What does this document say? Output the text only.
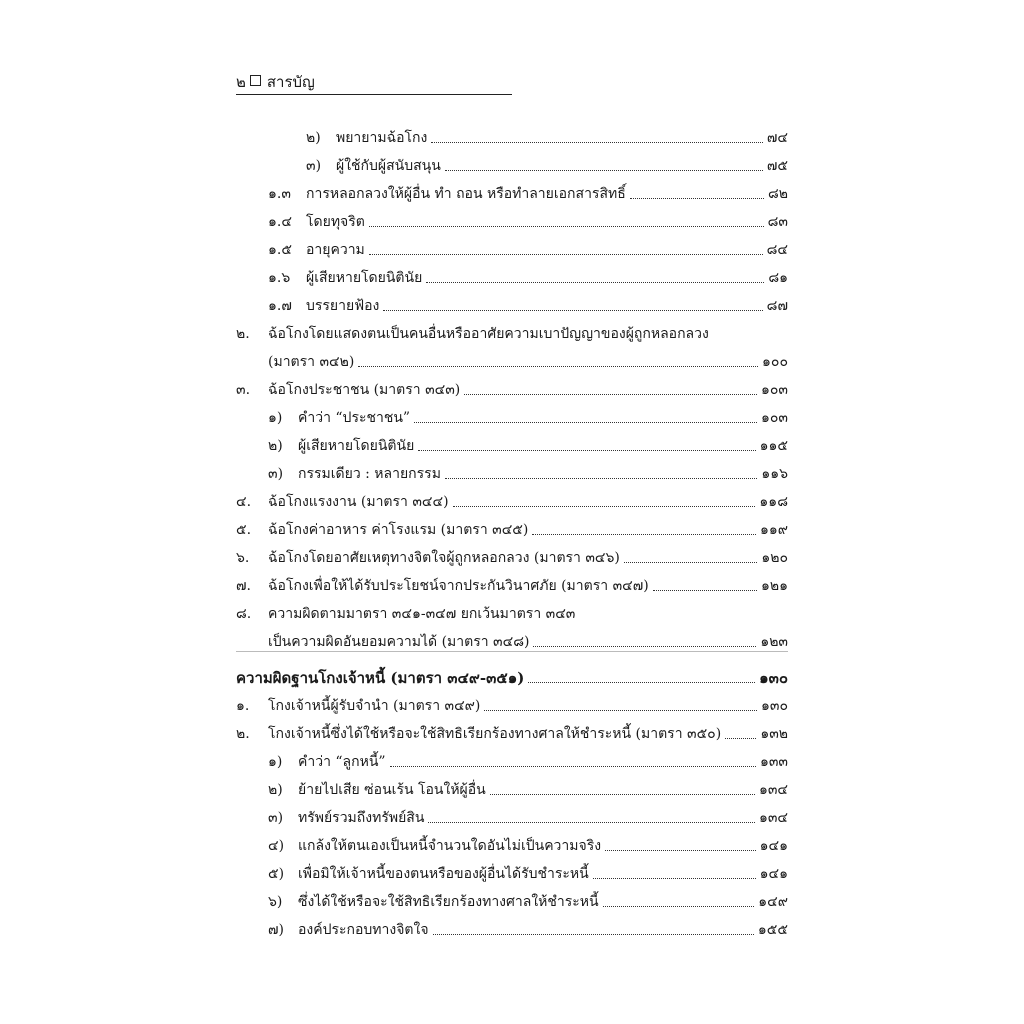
๒ สารบัญ
๒)	พยายามฉ้อโกง	๗๔
๓)	ผู้ใช้กับผู้สนับสนุน	๗๕
๑.๓	การหลอกลวงให้ผู้อื่น ทำ ถอน หรือทำลายเอกสารสิทธิ์	๘๒
๑.๔	โดยทุจริต	๘๓
๑.๕	อายุความ	๘๔
๑.๖	ผู้เสียหายโดยนิตินัย	๘๑
๑.๗	บรรยายฟ้อง	๘๗
๒.	ฉ้อโกงโดยแสดงตนเป็นคนอื่นหรืออาศัยความเบาปัญญาของผู้ถูกหลอกลวง
(มาตรา ๓๔๒)	๑๐๐
๓.	ฉ้อโกงประชาชน (มาตรา ๓๔๓)	๑๐๓
๑)	คำว่า “ประชาชน”	๑๐๓
๒)	ผู้เสียหายโดยนิตินัย	๑๑๕
๓)	กรรมเดียว : หลายกรรม	๑๑๖
๔.	ฉ้อโกงแรงงาน (มาตรา ๓๔๔)	๑๑๘
๕.	ฉ้อโกงค่าอาหาร ค่าโรงแรม (มาตรา ๓๔๕)	๑๑๙
๖.	ฉ้อโกงโดยอาศัยเหตุทางจิตใจผู้ถูกหลอกลวง (มาตรา ๓๔๖)	๑๒๐
๗.	ฉ้อโกงเพื่อให้ได้รับประโยชน์จากประกันวินาศภัย (มาตรา ๓๔๗)	๑๒๑
๘.	ความผิดตามมาตรา ๓๔๑-๓๔๗ ยกเว้นมาตรา ๓๔๓
เป็นความผิดอันยอมความได้ (มาตรา ๓๔๘)	๑๒๓
ความผิดฐานโกงเจ้าหนี้ (มาตรา ๓๔๙-๓๕๑)	๑๓๐
๑.	โกงเจ้าหนี้ผู้รับจำนำ (มาตรา ๓๔๙)	๑๓๐
๒.	โกงเจ้าหนี้ซึ่งได้ใช้หรือจะใช้สิทธิเรียกร้องทางศาลให้ชำระหนี้ (มาตรา ๓๕๐)	๑๓๒
๑)	คำว่า “ลูกหนี้”	๑๓๓
๒)	ย้ายไปเสีย ซ่อนเร้น โอนให้ผู้อื่น	๑๓๔
๓)	ทรัพย์รวมถึงทรัพย์สิน	๑๓๔
๔) แกล้งให้ตนเองเป็นหนี้จำนวนใดอันไม่เป็นความจริง	๑๔๑
๕) เพื่อมิให้เจ้าหนี้ของตนหรือของผู้อื่นได้รับชำระหนี้	๑๔๑
๖)	ซึ่งได้ใช้หรือจะใช้สิทธิเรียกร้องทางศาลให้ชำระหนี้	๑๔๙
๗)	องค์ประกอบทางจิตใจ	๑๕๕
